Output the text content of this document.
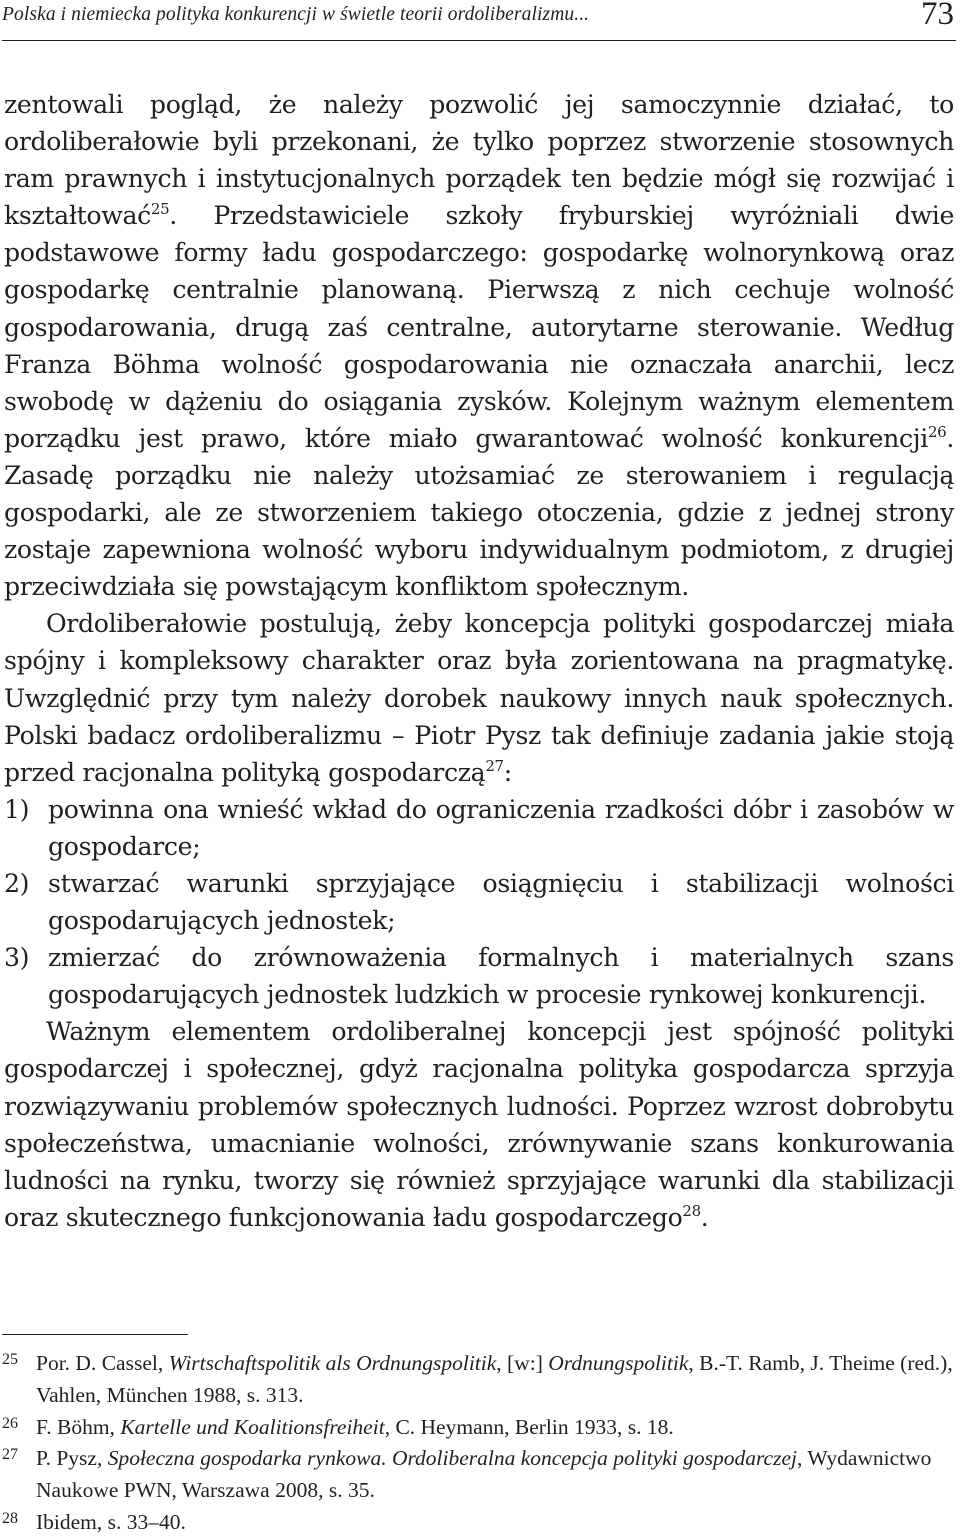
Polska i niemiecka polityka konkurencji w świetle teorii ordoliberalizmu...	73

zentowali pogląd, że należy pozwolić jej samoczynnie działać, to ordoliberałowie byli przekonani, że tylko poprzez stworzenie stosownych ram prawnych i instytucjonalnych porządek ten będzie mógł się rozwijać i kształtować$^{25}$. Przedstawiciele szkoły fryburskiej wyróżniali dwie podstawowe formy ładu gospodarczego: gospodarkę wolnorynkową oraz gospodarkę centralnie planowaną. Pierwszą z nich cechuje wolność gospodarowania, drugą zaś centralne, autorytarne sterowanie. Według Franza Böhma wolność gospodarowania nie oznaczała anarchii, lecz swobodę w dążeniu do osiągania zysków. Kolejnym ważnym elementem porządku jest prawo, które miało gwarantować wolność konkurencji$^{26}$. Zasadę porządku nie należy utożsamiać ze sterowaniem i regulacją gospodarki, ale ze stworzeniem takiego otoczenia, gdzie z jednej strony zostaje zapewniona wolność wyboru indywidualnym podmiotom, z drugiej przeciwdziała się powstającym konfliktom społecznym.

Ordoliberałowie postulują, żeby koncepcja polityki gospodarczej miała spójny i kompleksowy charakter oraz była zorientowana na pragmatykę. Uwzględnić przy tym należy dorobek naukowy innych nauk społecznych. Polski badacz ordoliberalizmu – Piotr Pysz tak definiuje zadania jakie stoją przed racjonalna polityką gospodarczą$^{27}$:

1) powinna ona wnieść wkład do ograniczenia rzadkości dóbr i zasobów w gospodarce;
2) stwarzać warunki sprzyjające osiągnięciu i stabilizacji wolności gospodarujących jednostek;
3) zmierzać do zrównoważenia formalnych i materialnych szans gospodarujących jednostek ludzkich w procesie rynkowej konkurencji.

Ważnym elementem ordoliberalnej koncepcji jest spójność polityki gospodarczej i społecznej, gdyż racjonalna polityka gospodarcza sprzyja rozwiązywaniu problemów społecznych ludności. Poprzez wzrost dobrobytu społeczeństwa, umacnianie wolności, zrównywanie szans konkurowania ludności na rynku, tworzy się również sprzyjające warunki dla stabilizacji oraz skutecznego funkcjonowania ładu gospodarczego$^{28}$.

25 Por. D. Cassel, Wirtschaftspolitik als Ordnungspolitik, [w:] Ordnungspolitik, B.-T. Ramb, J. Theime (red.), Vahlen, München 1988, s. 313.
26 F. Böhm, Kartelle und Koalitionsfreiheit, C. Heymann, Berlin 1933, s. 18.
27 P. Pysz, Społeczna gospodarka rynkowa. Ordoliberalna koncepcja polityki gospodarczej, Wydawnictwo Naukowe PWN, Warszawa 2008, s. 35.
28 Ibidem, s. 33–40.
